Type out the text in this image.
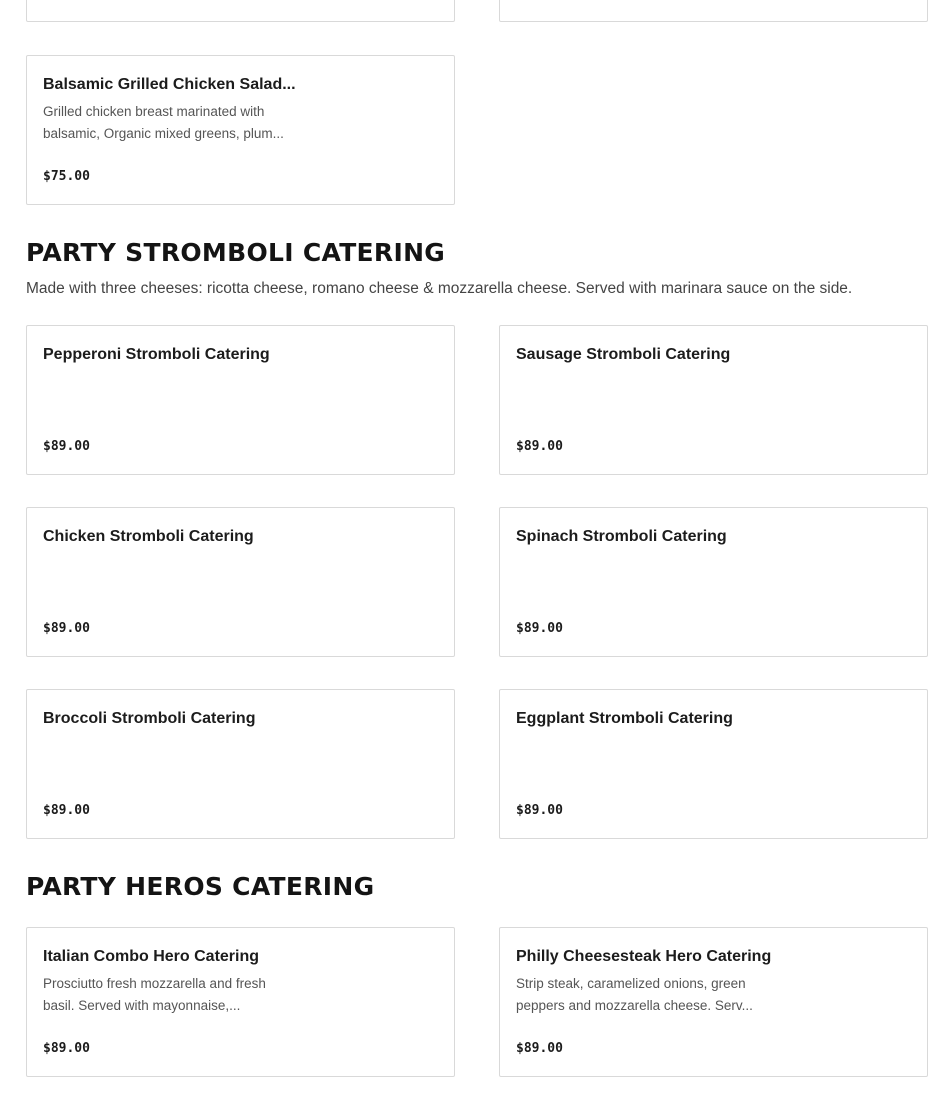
Balsamic Grilled Chicken Salad...
Grilled chicken breast marinated with balsamic, Organic mixed greens, plum...
$75.00
PARTY STROMBOLI CATERING
Made with three cheeses: ricotta cheese, romano cheese & mozzarella cheese. Served with marinara sauce on the side.
Pepperoni Stromboli Catering
$89.00
Sausage Stromboli Catering
$89.00
Chicken Stromboli Catering
$89.00
Spinach Stromboli Catering
$89.00
Broccoli Stromboli Catering
$89.00
Eggplant Stromboli Catering
$89.00
PARTY HEROS CATERING
Italian Combo Hero Catering
Prosciutto fresh mozzarella and fresh basil. Served with mayonnaise,...
$89.00
Philly Cheesesteak Hero Catering
Strip steak, caramelized onions, green peppers and mozzarella cheese. Serv...
$89.00
